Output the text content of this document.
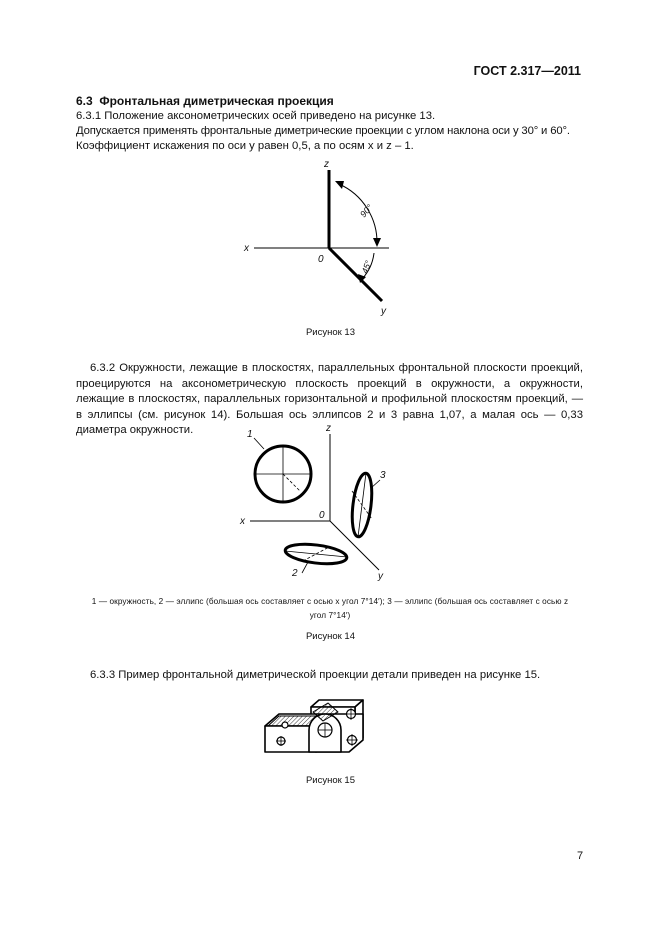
ГОСТ 2.317—2011
6.3 Фронтальная диметрическая проекция
6.3.1 Положение аксонометрических осей приведено на рисунке 13.
Допускается применять фронтальные диметрические проекции с углом наклона оси y 30° и 60°.
Коэффициент искажения по оси y равен 0,5, а по осям x и z – 1.
z
x
y
0
90°
45°
Рисунок 13
6.3.2 Окружности, лежащие в плоскостях, параллельных фронтальной плоскости проекций, проецируются на аксонометрическую плоскость проекций в окружности, а окружности, лежащие в плоскостях, параллельных горизонтальной и профильной плоскостям проекций, — в эллипсы (см. рисунок 14). Большая ось эллипсов 2 и 3 равна 1,07, а малая ось — 0,33 диаметра окружности.	z
x
y
0
1
2
3
1 — окружность, 2 — эллипс (большая ось составляет с осью x угол 7°14′); 3 — эллипс (большая ось составляет с осью z
угол 7°14′)
Рисунок 14
6.3.3 Пример фронтальной диметрической проекции детали приведен на рисунке 15.
Рисунок 15
7
